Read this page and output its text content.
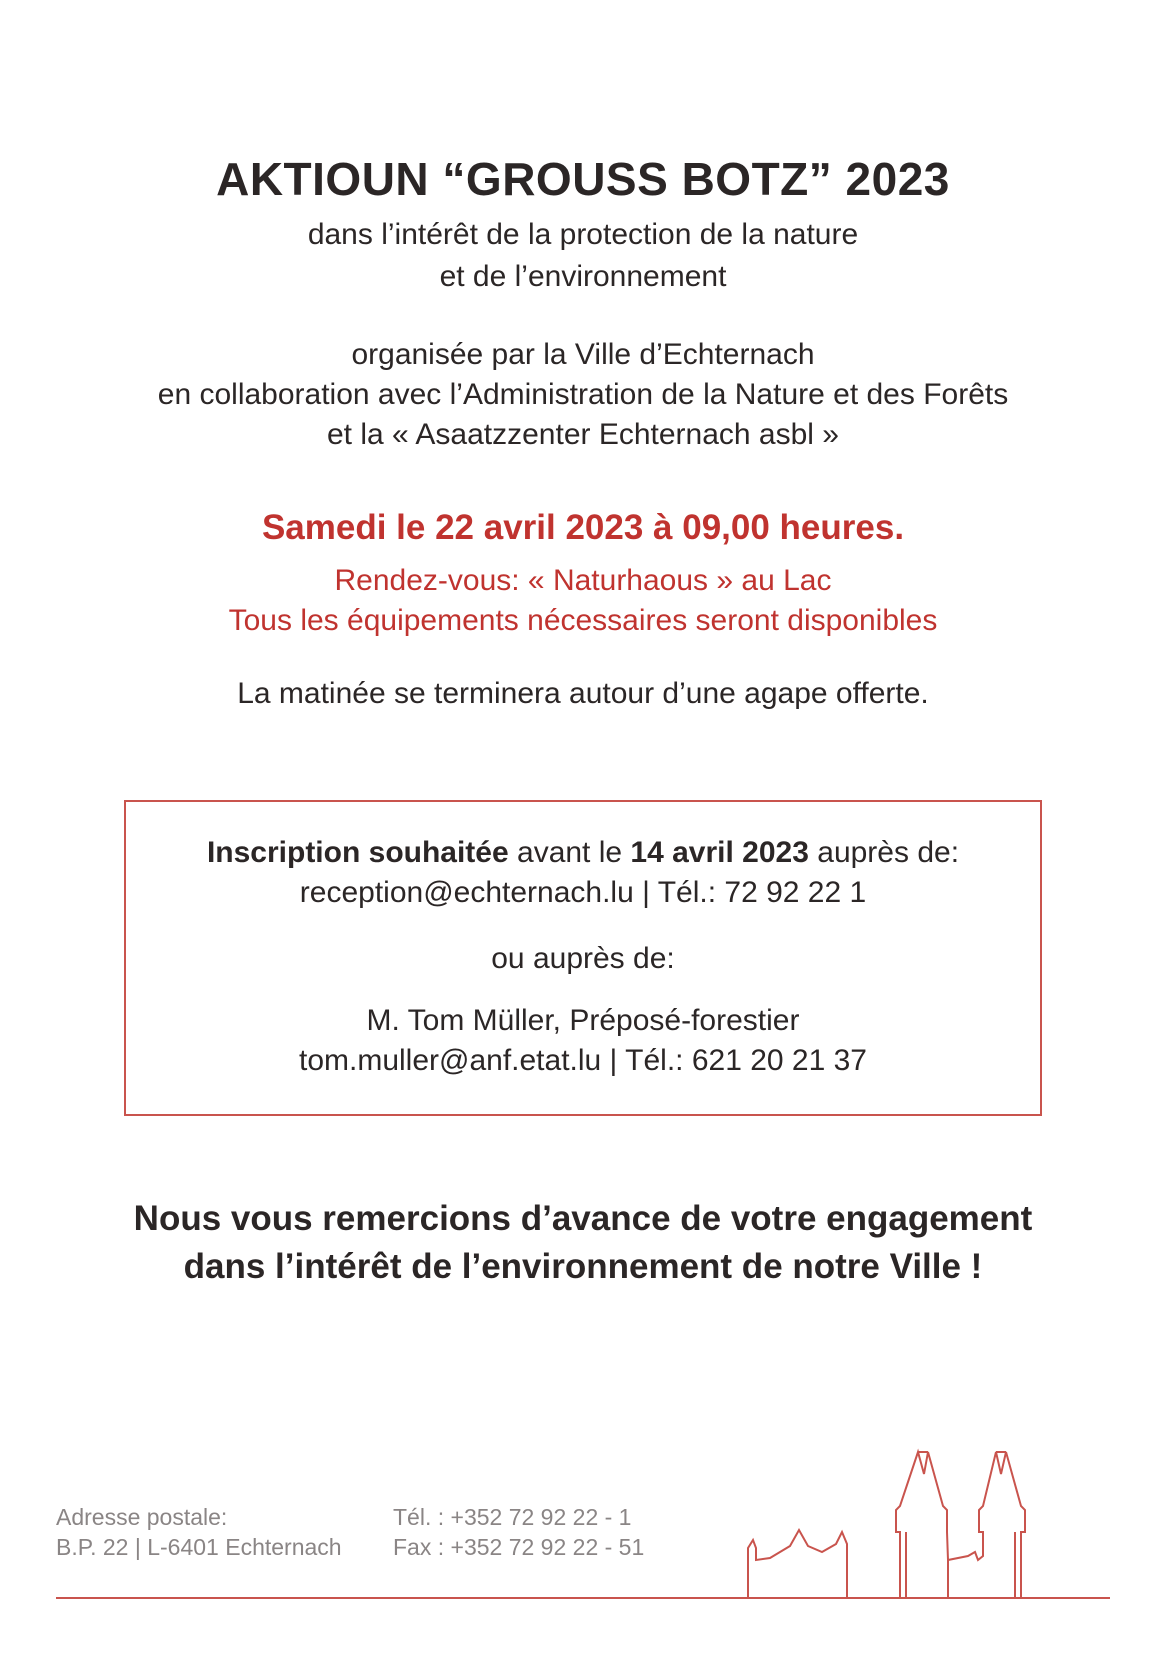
AKTIOUN “GROUSS BOTZ” 2023
dans l’intérêt de la protection de la nature
et de l’environnement
organisée par la Ville d’Echternach
en collaboration avec l’Administration de la Nature et des Forêts
et la « Asaatzzenter Echternach asbl »
Samedi le 22 avril 2023 à 09,00 heures.
Rendez-vous: « Naturhaous » au Lac
Tous les équipements nécessaires seront disponibles
La matinée se terminera autour d’une agape offerte.
Inscription souhaitée avant le 14 avril 2023 auprès de:
reception@echternach.lu | Tél.: 72 92 22 1
ou auprès de:
M. Tom Müller, Préposé-forestier
tom.muller@anf.etat.lu | Tél.: 621 20 21 37
Nous vous remercions d’avance de votre engagement
dans l’intérêt de l’environnement de notre Ville !
Adresse postale:
B.P. 22 | L-6401 Echternach
Tél. : +352 72 92 22 - 1
Fax : +352 72 92 22 - 51
